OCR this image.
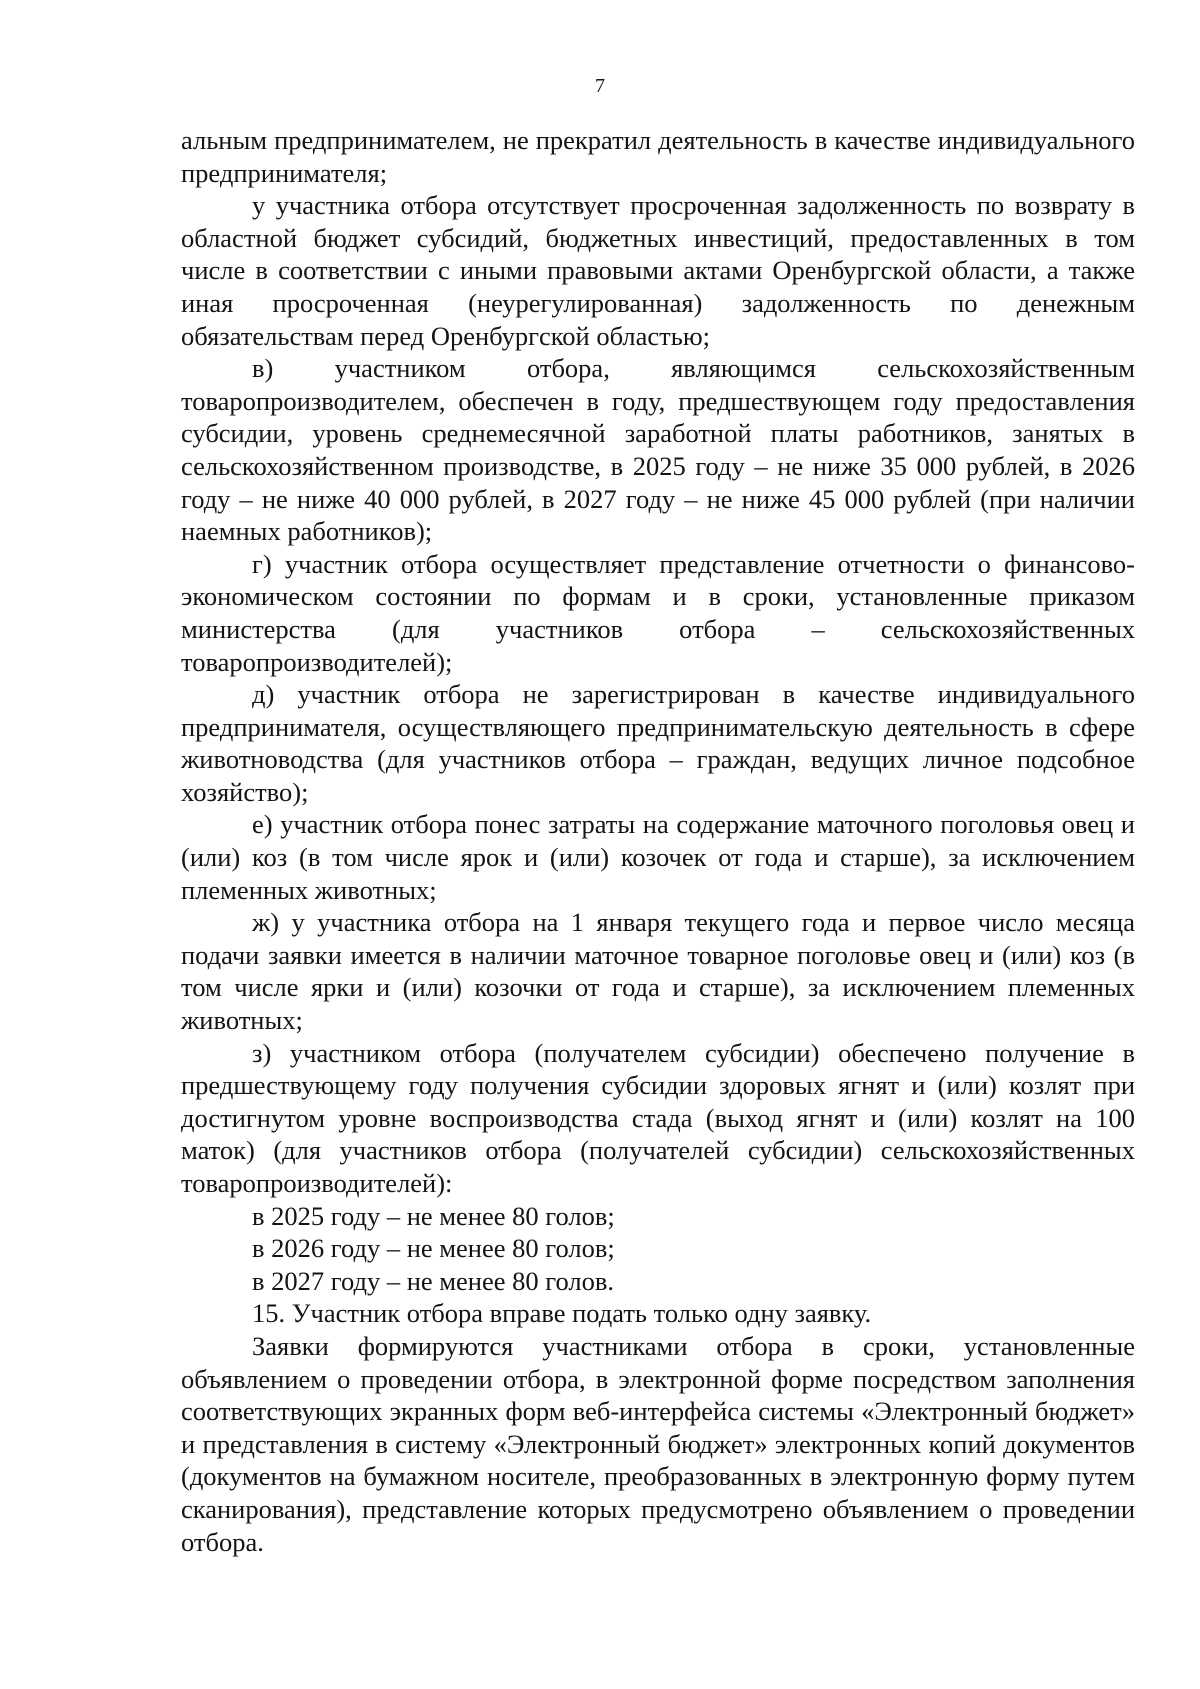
7

альным предпринимателем, не прекратил деятельность в качестве индивидуального предпринимателя;

у участника отбора отсутствует просроченная задолженность по возврату в областной бюджет субсидий, бюджетных инвестиций, предоставленных в том числе в соответствии с иными правовыми актами Оренбургской области, а также иная просроченная (неурегулированная) задолженность по денежным обязательствам перед Оренбургской областью;

в) участником отбора, являющимся сельскохозяйственным товаропроизводителем, обеспечен в году, предшествующем году предоставления субсидии, уровень среднемесячной заработной платы работников, занятых в сельскохозяйственном производстве, в 2025 году – не ниже 35 000 рублей, в 2026 году – не ниже 40 000 рублей, в 2027 году – не ниже 45 000 рублей (при наличии наемных работников);

г) участник отбора осуществляет представление отчетности о финансово-экономическом состоянии по формам и в сроки, установленные приказом министерства (для участников отбора – сельскохозяйственных товаропроизводителей);

д) участник отбора не зарегистрирован в качестве индивидуального предпринимателя, осуществляющего предпринимательскую деятельность в сфере животноводства (для участников отбора – граждан, ведущих личное подсобное хозяйство);

е) участник отбора понес затраты на содержание маточного поголовья овец и (или) коз (в том числе ярок и (или) козочек от года и старше), за исключением племенных животных;

ж) у участника отбора на 1 января текущего года и первое число месяца подачи заявки имеется в наличии маточное товарное поголовье овец и (или) коз (в том числе ярки и (или) козочки от года и старше), за исключением племенных животных;

з) участником отбора (получателем субсидии) обеспечено получение в предшествующему году получения субсидии здоровых ягнят и (или) козлят при достигнутом уровне воспроизводства стада (выход ягнят и (или) козлят на 100 маток) (для участников отбора (получателей субсидии) сельскохозяйственных товаропроизводителей):

в 2025 году – не менее 80 голов;

в 2026 году – не менее 80 голов;

в 2027 году – не менее 80 голов.

15. Участник отбора вправе подать только одну заявку.

Заявки формируются участниками отбора в сроки, установленные объявлением о проведении отбора, в электронной форме посредством заполнения соответствующих экранных форм веб-интерфейса системы «Электронный бюджет» и представления в систему «Электронный бюджет» электронных копий документов (документов на бумажном носителе, преобразованных в электронную форму путем сканирования), представление которых предусмотрено объявлением о проведении отбора.
